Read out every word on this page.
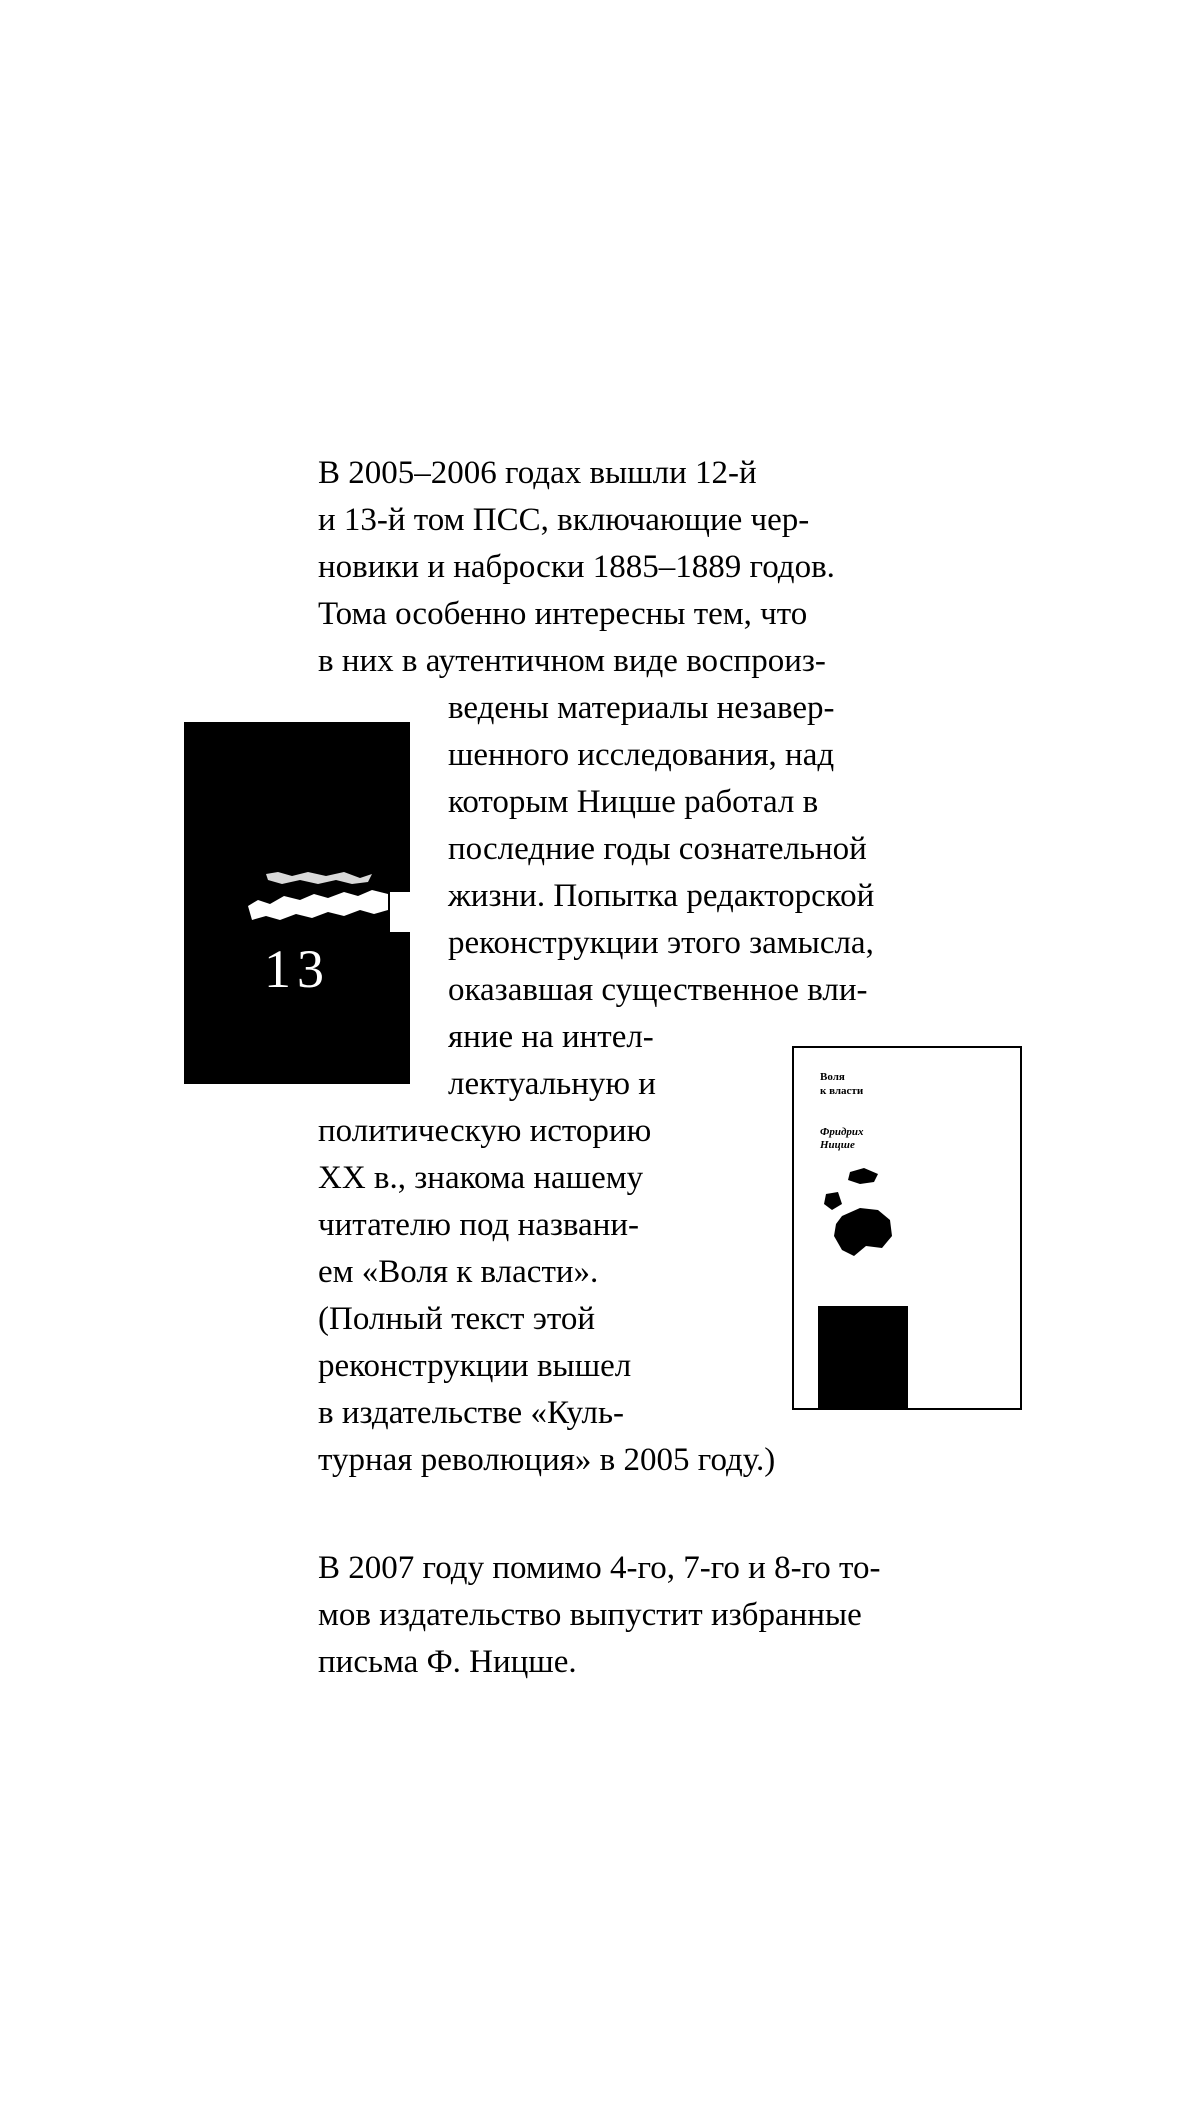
В 2005–2006 годах вышли 12-й
и 13-й том ПСС, включающие чер-
новики и наброски 1885–1889 годов.
Тома особенно интересны тем, что
в них в аутентичном виде воспроиз-
ведены материалы незавер-
шенного исследования, над
которым Ницше работал в
последние годы сознательной
жизни. Попытка редакторской
реконструкции этого замысла,
оказавшая существенное вли-
яние на интел-
лектуальную и
политическую историю
XX в., знакома нашему
читателю под названи-
ем «Воля к власти».
(Полный текст этой
реконструкции вышел
в издательстве «Куль-
турная революция» в 2005 году.)
В 2007 году помимо 4-го, 7-го и 8-го то-
мов издательство выпустит избранные
письма Ф. Ницше.
13
Воля
к власти
Фридрих
Ницше
